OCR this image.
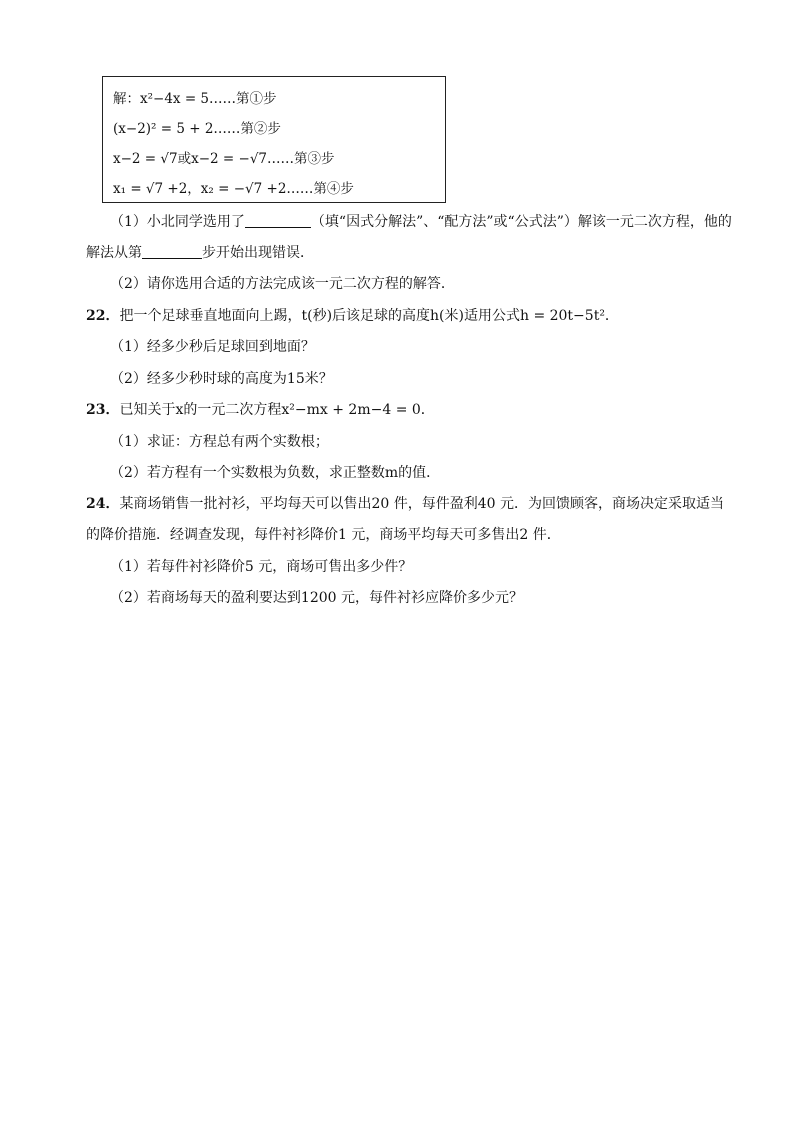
解：x²−4x = 5……第①步
(x−2)² = 5 + 2……第②步
x−2 = √7或x−2 = −√7……第③步
x₁ = √7 +2，x₂ = −√7 +2……第④步
（1）小北同学选用了	（填“因式分解法”、“配方法”或“公式法”）解该一元二次方程，他的
解法从第	步开始出现错误．
（2）请你选用合适的方法完成该一元二次方程的解答．
22．把一个足球垂直地面向上踢，t(秒)后该足球的高度h(米)适用公式h = 20t−5t²．
（1）经多少秒后足球回到地面？
（2）经多少秒时球的高度为15米？
23．已知关于x的一元二次方程x²−mx + 2m−4 = 0．
（1）求证：方程总有两个实数根；
（2）若方程有一个实数根为负数，求正整数m的值．
24．某商场销售一批衬衫，平均每天可以售出20 件，每件盈利40 元．为回馈顾客，商场决定采取适当
的降价措施．经调查发现，每件衬衫降价1 元，商场平均每天可多售出2 件．
（1）若每件衬衫降价5 元，商场可售出多少件？
（2）若商场每天的盈利要达到1200 元，每件衬衫应降价多少元？
